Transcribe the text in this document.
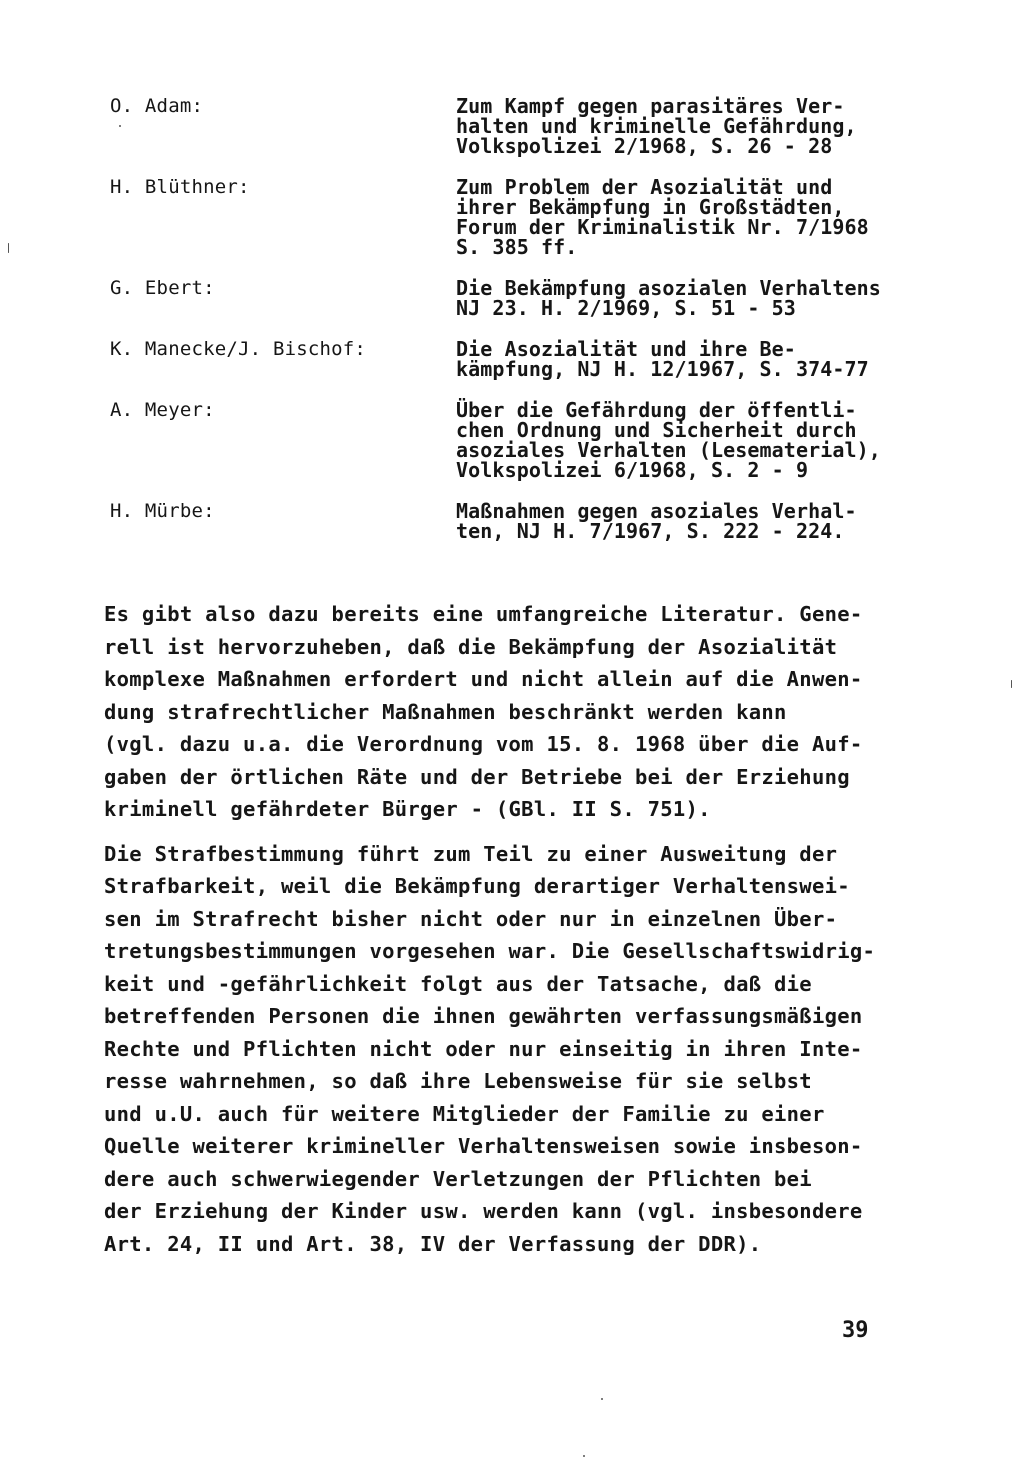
O. Adam:	Zum Kampf gegen parasitäres Ver-
halten und kriminelle Gefährdung,
Volkspolizei 2/1968, S. 26 - 28
H. Blüthner:	Zum Problem der Asozialität und
ihrer Bekämpfung in Großstädten,
Forum der Kriminalistik Nr. 7/1968
S. 385 ff.
G. Ebert:	Die Bekämpfung asozialen Verhaltens
NJ 23. H. 2/1969, S. 51 - 53
K. Manecke/J. Bischof:	Die Asozialität und ihre Be-
kämpfung, NJ H. 12/1967, S. 374-77
A. Meyer:	Über die Gefährdung der öffentli-
chen Ordnung und Sicherheit durch
asoziales Verhalten (Lesematerial),
Volkspolizei 6/1968, S. 2 - 9
H. Mürbe:	Maßnahmen gegen asoziales Verhal-
ten, NJ H. 7/1967, S. 222 - 224.
Es gibt also dazu bereits eine umfangreiche Literatur. Gene-
rell ist hervorzuheben, daß die Bekämpfung der Asozialität
komplexe Maßnahmen erfordert und nicht allein auf die Anwen-
dung strafrechtlicher Maßnahmen beschränkt werden kann
(vgl. dazu u.a. die Verordnung vom 15. 8. 1968 über die Auf-
gaben der örtlichen Räte und der Betriebe bei der Erziehung
kriminell gefährdeter Bürger - (GBl. II S. 751).
Die Strafbestimmung führt zum Teil zu einer Ausweitung der
Strafbarkeit, weil die Bekämpfung derartiger Verhaltenswei-
sen im Strafrecht bisher nicht oder nur in einzelnen Über-
tretungsbestimmungen vorgesehen war. Die Gesellschaftswidrig-
keit und -gefährlichkeit folgt aus der Tatsache, daß die
betreffenden Personen die ihnen gewährten verfassungsmäßigen
Rechte und Pflichten nicht oder nur einseitig in ihren Inte-
resse wahrnehmen, so daß ihre Lebensweise für sie selbst
und u.U. auch für weitere Mitglieder der Familie zu einer
Quelle weiterer krimineller Verhaltensweisen sowie insbeson-
dere auch schwerwiegender Verletzungen der Pflichten bei
der Erziehung der Kinder usw. werden kann (vgl. insbesondere
Art. 24, II und Art. 38, IV der Verfassung der DDR).
39
